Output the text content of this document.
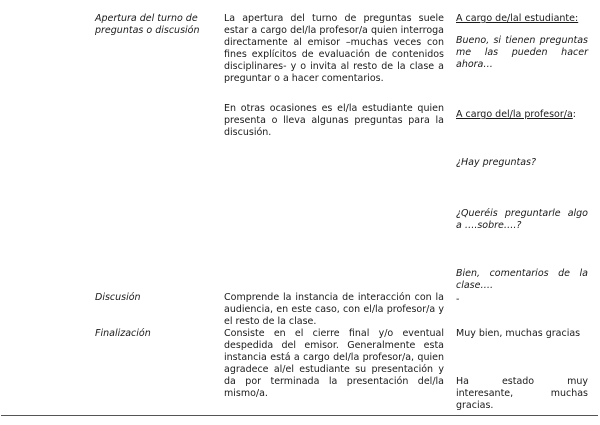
Apertura del turno de preguntas o discusión
La apertura del turno de preguntas suele estar a cargo del/la profesor/a quien interroga directamente al emisor –muchas veces con fines explícitos de evaluación de contenidos disciplinares- y o invita al resto de la clase a preguntar o a hacer comentarios.
En otras ocasiones es el/la estudiante quien presenta o lleva algunas preguntas para la discusión.
A cargo de/lal estudiante:
Bueno, si tienen preguntas me las pueden hacer ahora…
A cargo del/la profesor/a:
¿Hay preguntas?
¿Queréis preguntarle algo a ….sobre….?
Bien, comentarios de la clase….
Discusión	Comprende la instancia de interacción con la audiencia, en este caso, con el/la profesor/a y el resto de la clase.
-
Finalización	Consiste en el cierre final y/o eventual despedida del emisor. Generalmente esta instancia está a cargo del/la profesor/a, quien agradece al/el estudiante su presentación y da por terminada la presentación del/la mismo/a.
Muy bien, muchas gracias
Ha estado muy interesante, muchas gracias.
